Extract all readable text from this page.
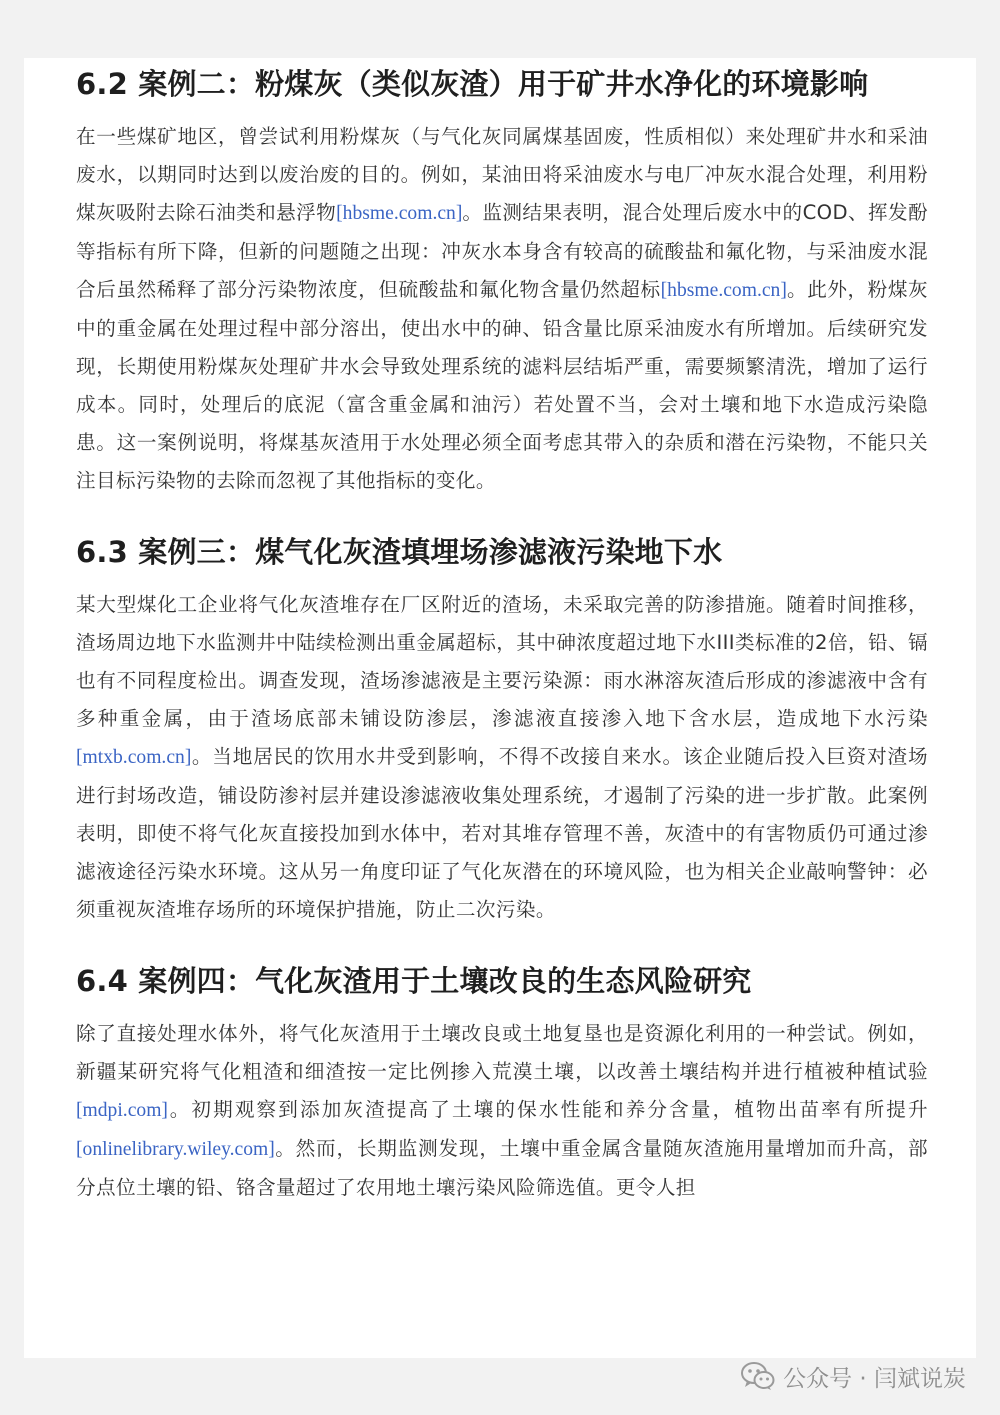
6.2 案例二：粉煤灰（类似灰渣）用于矿井水净化的环境影响

在一些煤矿地区，曾尝试利用粉煤灰（与气化灰同属煤基固废，性质相似）来处理矿井水和采油废水，以期同时达到以废治废的目的。例如，某油田将采油废水与电厂冲灰水混合处理，利用粉煤灰吸附去除石油类和悬浮物[hbsme.com.cn]。监测结果表明，混合处理后废水中的COD、挥发酚等指标有所下降，但新的问题随之出现：冲灰水本身含有较高的硫酸盐和氟化物，与采油废水混合后虽然稀释了部分污染物浓度，但硫酸盐和氟化物含量仍然超标[hbsme.com.cn]。此外，粉煤灰中的重金属在处理过程中部分溶出，使出水中的砷、铅含量比原采油废水有所增加。后续研究发现，长期使用粉煤灰处理矿井水会导致处理系统的滤料层结垢严重，需要频繁清洗，增加了运行成本。同时，处理后的底泥（富含重金属和油污）若处置不当，会对土壤和地下水造成污染隐患。这一案例说明，将煤基灰渣用于水处理必须全面考虑其带入的杂质和潜在污染物，不能只关注目标污染物的去除而忽视了其他指标的变化。

6.3 案例三：煤气化灰渣填埋场渗滤液污染地下水

某大型煤化工企业将气化灰渣堆存在厂区附近的渣场，未采取完善的防渗措施。随着时间推移，渣场周边地下水监测井中陆续检测出重金属超标，其中砷浓度超过地下水III类标准的2倍，铅、镉也有不同程度检出。调查发现，渣场渗滤液是主要污染源：雨水淋溶灰渣后形成的渗滤液中含有多种重金属，由于渣场底部未铺设防渗层，渗滤液直接渗入地下含水层，造成地下水污染[mtxb.com.cn]。当地居民的饮用水井受到影响，不得不改接自来水。该企业随后投入巨资对渣场进行封场改造，铺设防渗衬层并建设渗滤液收集处理系统，才遏制了污染的进一步扩散。此案例表明，即使不将气化灰直接投加到水体中，若对其堆存管理不善，灰渣中的有害物质仍可通过渗滤液途径污染水环境。这从另一角度印证了气化灰潜在的环境风险，也为相关企业敲响警钟：必须重视灰渣堆存场所的环境保护措施，防止二次污染。

6.4 案例四：气化灰渣用于土壤改良的生态风险研究

除了直接处理水体外，将气化灰渣用于土壤改良或土地复垦也是资源化利用的一种尝试。例如，新疆某研究将气化粗渣和细渣按一定比例掺入荒漠土壤，以改善土壤结构并进行植被种植试验[mdpi.com]。初期观察到添加灰渣提高了土壤的保水性能和养分含量，植物出苗率有所提升[onlinelibrary.wiley.com]。然而，长期监测发现，土壤中重金属含量随灰渣施用量增加而升高，部分点位土壤的铅、铬含量超过了农用地土壤污染风险筛选值。更令人担

公众号 · 闫斌说炭
